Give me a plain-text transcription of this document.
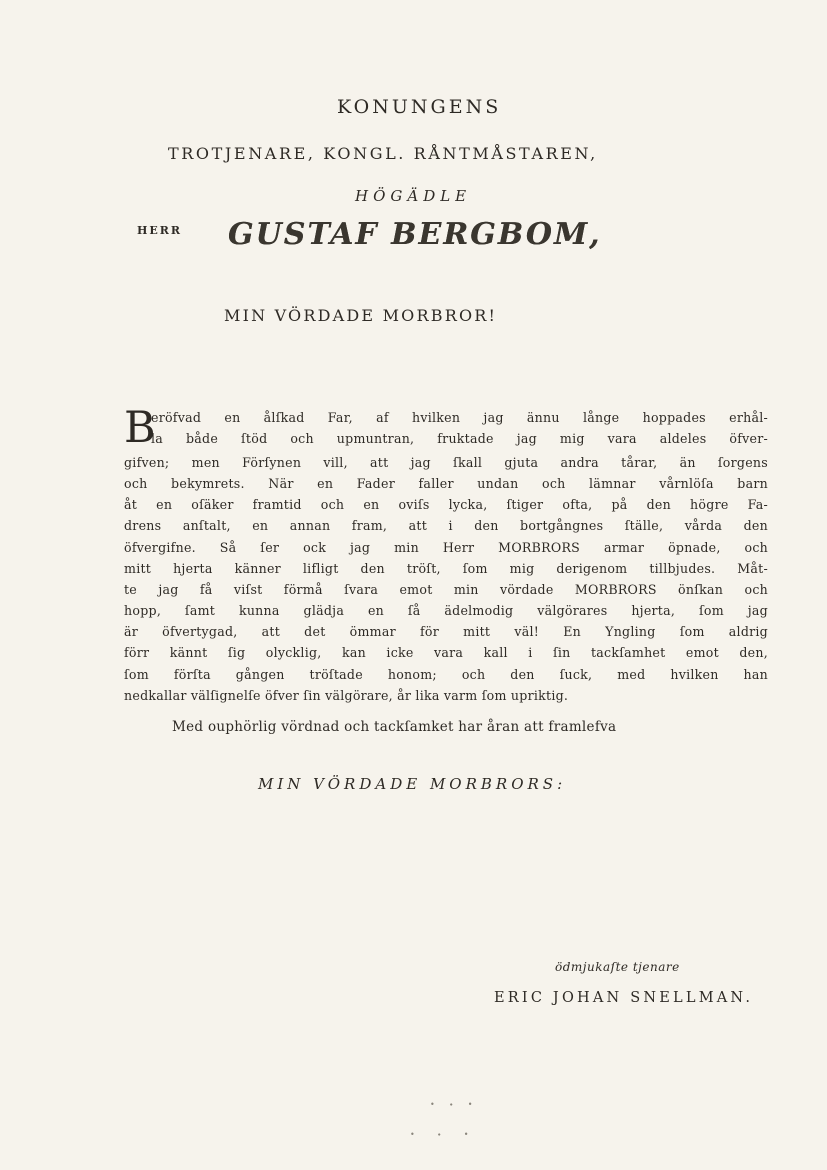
KONUNGENS
TROTJENARE, KONGL. RÅNTMÅSTAREN,
HÖGÄDLE
HERR GUSTAF BERGBOM,
MIN VÖRDADE MORBROR!
B
eröfvad en ålſkad Far, af hvilken jag ännu långe hoppades erhål-
la både ſtöd och upmuntran, fruktade jag mig vara aldeles öfver-
gifven; men Förſynen vill, att jag ſkall gjuta andra tårar, än ſorgens
och bekymrets. När en Fader faller undan och lämnar vårnlöſa barn
åt en oſäker framtid och en oviſs lycka, ſtiger ofta, på den högre Fa-
drens anſtalt, en annan fram, att i den bortgångnes ſtälle, vårda den
öfvergifne. Så ſer ock jag min Herr MORBRORS armar öpnade, och
mitt hjerta känner lifligt den tröſt, ſom mig derigenom tillbjudes. Måt-
te jag få viſst förmå ſvara emot min vördade MORBRORS önſkan och
hopp, ſamt kunna glädja en ſå ädelmodig välgörares hjerta, ſom jag
är öfvertygad, att det ömmar för mitt väl! En Yngling ſom aldrig
förr kännt ſig olycklig, kan icke vara kall i ſin tackſamhet emot den,
ſom förſta gången tröſtade honom; och den ſuck, med hvilken han
nedkallar välſignelſe öfver ſin välgörare, år lika varm ſom upriktig.
Med ouphörlig vördnad och tackſamket har åran att framlefva
MIN VÖRDADE MORBRORS:
ödmjukaſte tjenare
ERIC JOHAN SNELLMAN.
• ∙ •
• ∙ •
